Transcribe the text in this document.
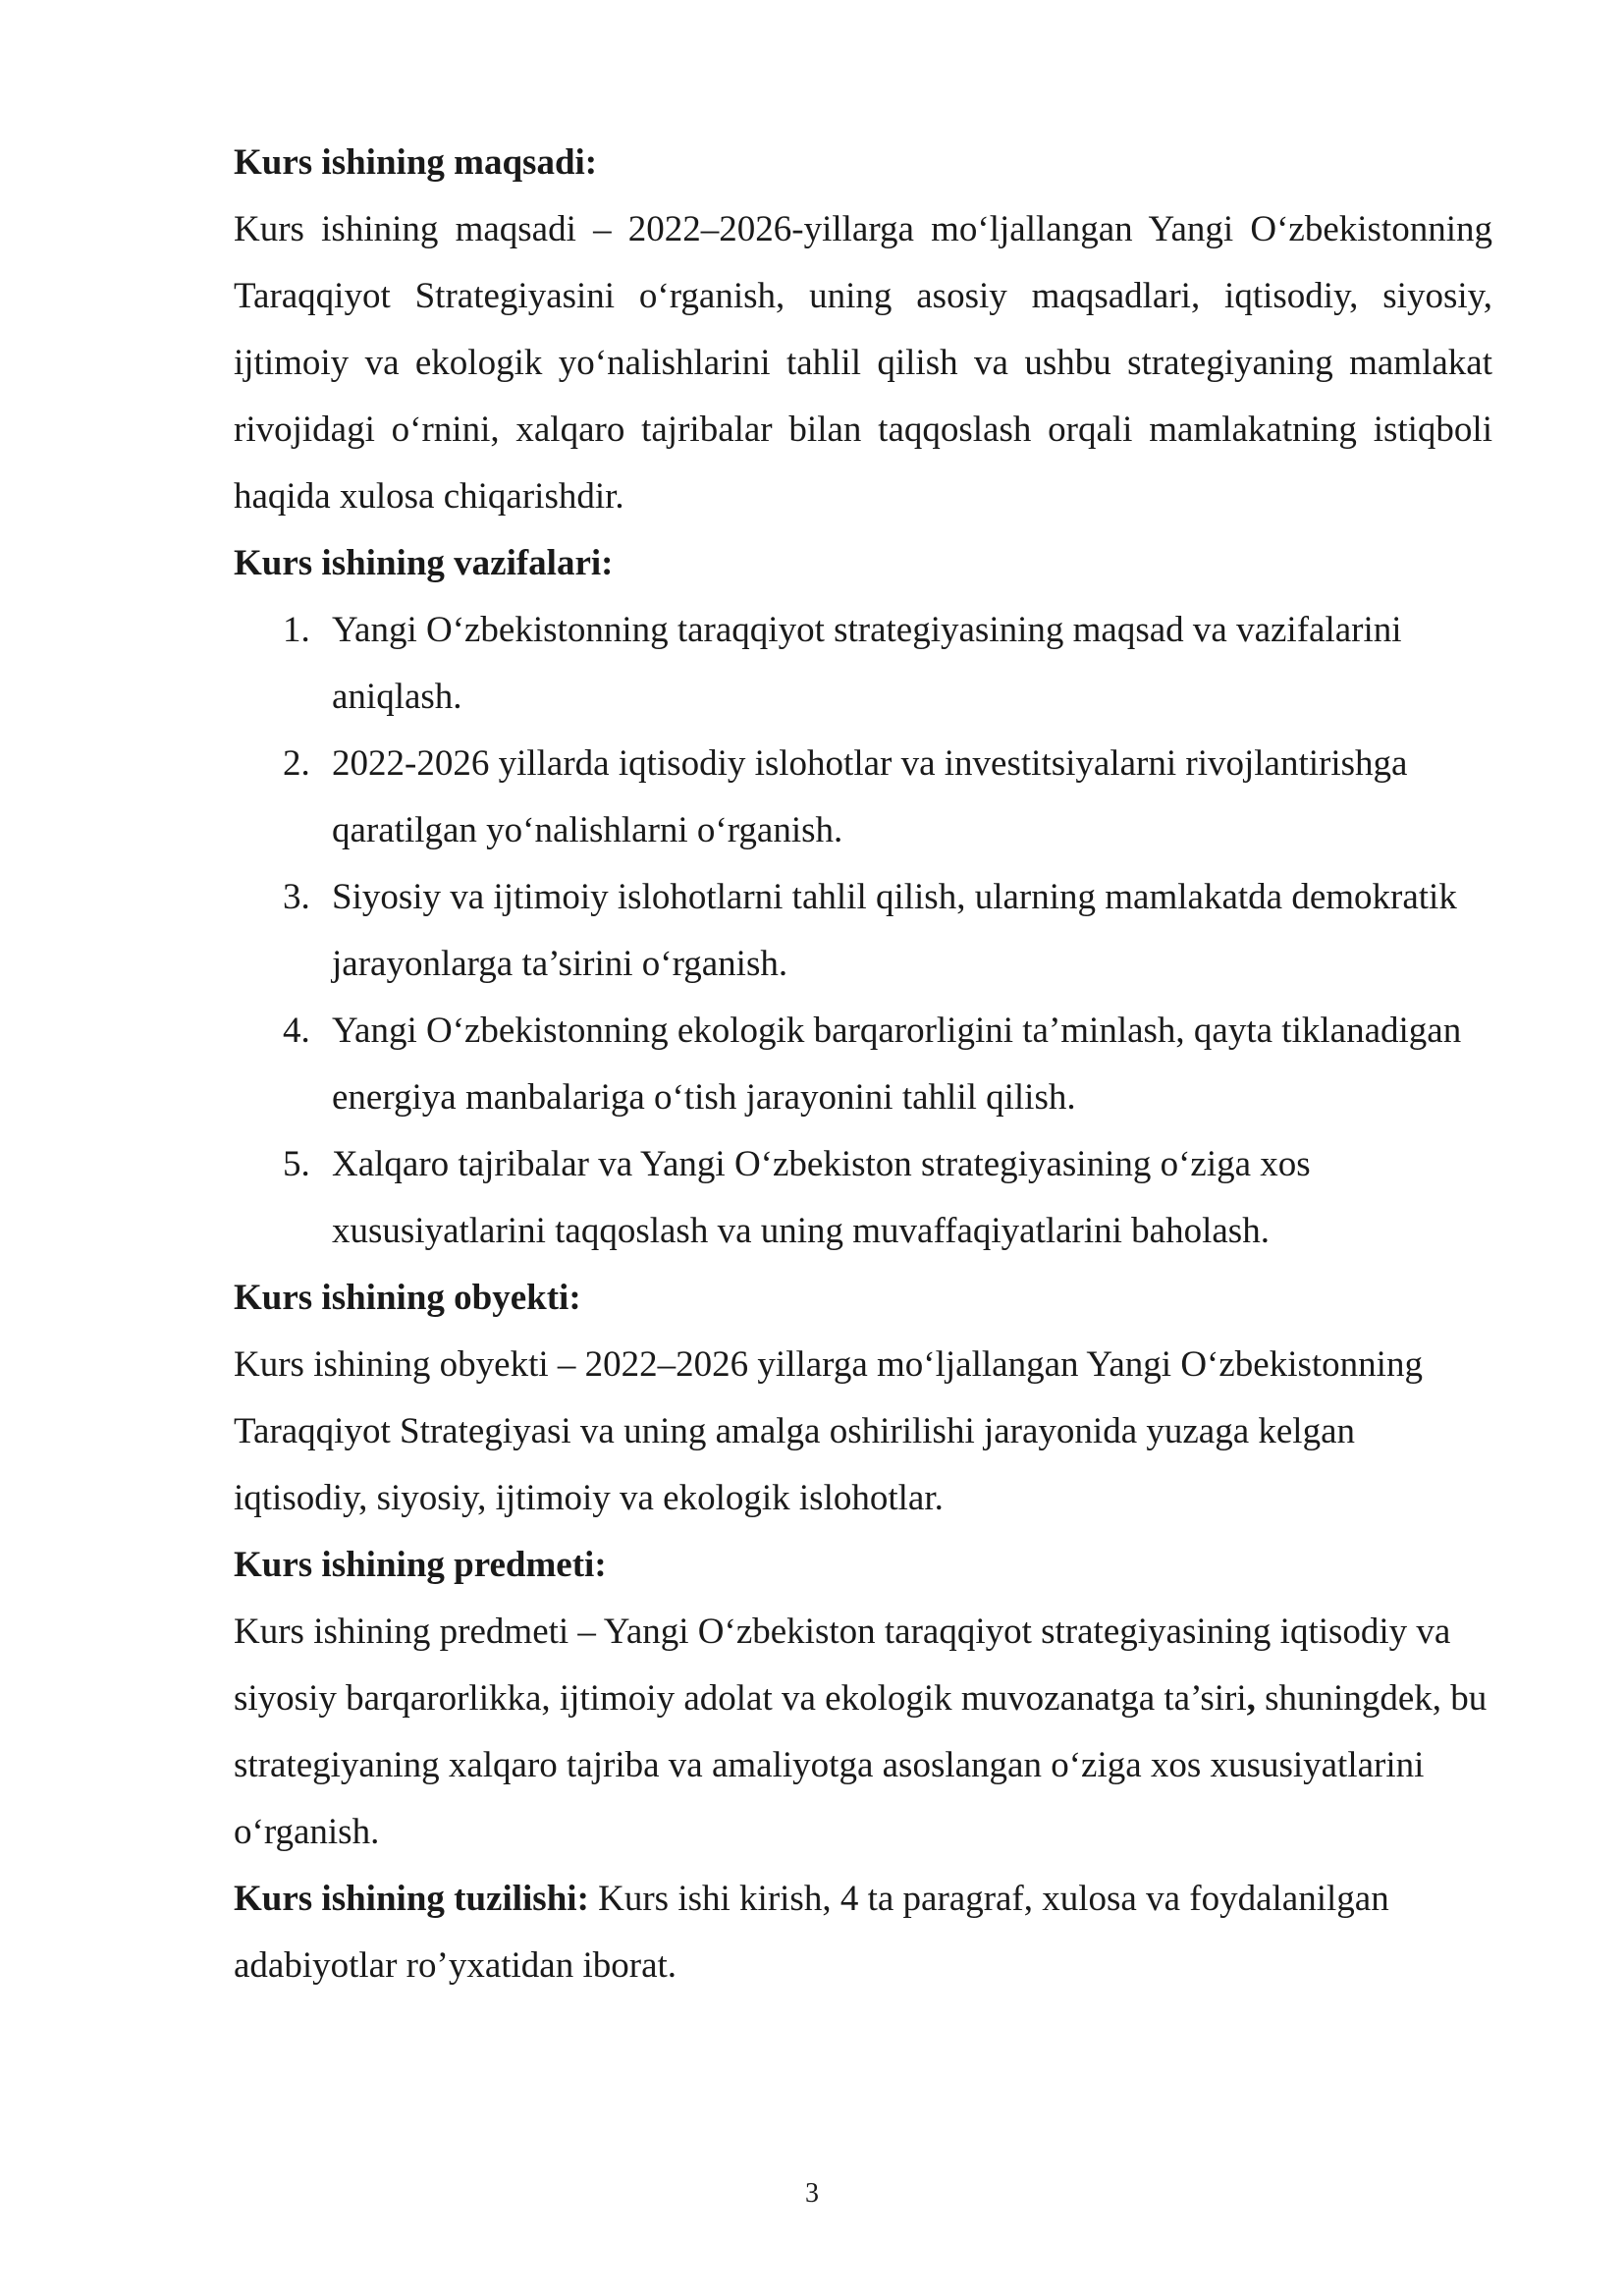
Kurs ishining maqsadi:

Kurs ishining maqsadi – 2022–2026-yillarga mo‘ljallangan Yangi O‘zbekistonning Taraqqiyot Strategiyasini o‘rganish, uning asosiy maqsadlari, iqtisodiy, siyosiy, ijtimoiy va ekologik yo‘nalishlarini tahlil qilish va ushbu strategiyaning mamlakat rivojidagi o‘rnini, xalqaro tajribalar bilan taqqoslash orqali mamlakatning istiqboli haqida xulosa chiqarishdir.

Kurs ishining vazifalari:

1. Yangi O‘zbekistonning taraqqiyot strategiyasining maqsad va vazifalarini aniqlash.
2. 2022-2026 yillarda iqtisodiy islohotlar va investitsiyalarni rivojlantirishga qaratilgan yo‘nalishlarni o‘rganish.
3. Siyosiy va ijtimoiy islohotlarni tahlil qilish, ularning mamlakatda demokratik jarayonlarga ta’sirini o‘rganish.
4. Yangi O‘zbekistonning ekologik barqarorligini ta’minlash, qayta tiklanadigan energiya manbalariga o‘tish jarayonini tahlil qilish.
5. Xalqaro tajribalar va Yangi O‘zbekiston strategiyasining o‘ziga xos xususiyatlarini taqqoslash va uning muvaffaqiyatlarini baholash.

Kurs ishining obyekti:

Kurs ishining obyekti – 2022–2026 yillarga mo‘ljallangan Yangi O‘zbekistonning Taraqqiyot Strategiyasi va uning amalga oshirilishi jarayonida yuzaga kelgan iqtisodiy, siyosiy, ijtimoiy va ekologik islohotlar.

Kurs ishining predmeti:

Kurs ishining predmeti – Yangi O‘zbekiston taraqqiyot strategiyasining iqtisodiy va siyosiy barqarorlikka, ijtimoiy adolat va ekologik muvozanatga ta’siri, shuningdek, bu strategiyaning xalqaro tajriba va amaliyotga asoslangan o‘ziga xos xususiyatlarini o‘rganish.

Kurs ishining tuzilishi: Kurs ishi kirish, 4 ta paragraf, xulosa va foydalanilgan adabiyotlar ro’yxatidan iborat.

3
